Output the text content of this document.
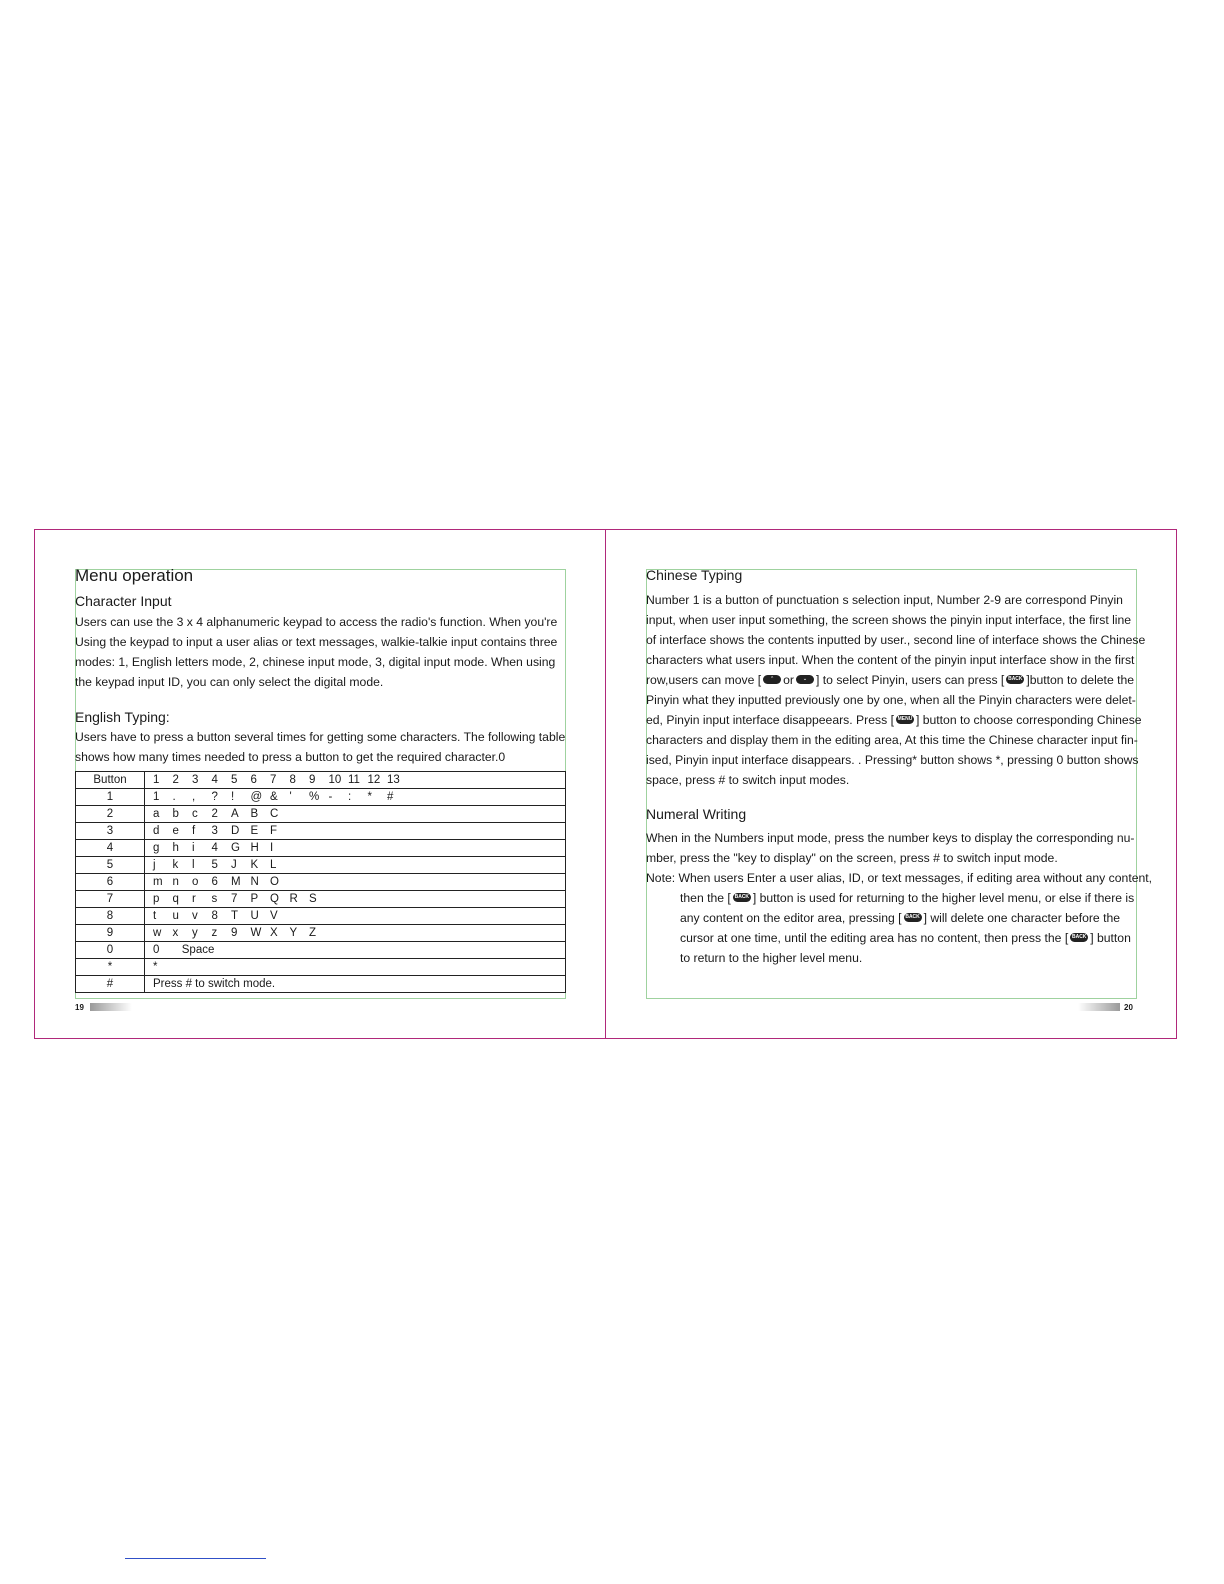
Menu operation
Character Input
Users can use the 3 x 4 alphanumeric keypad to access the radio's function. When you're
Using the keypad to input a user alias or text messages, walkie-talkie input contains three
modes: 1, English letters mode, 2, chinese input mode, 3, digital input mode. When using
the keypad input ID, you can only select the digital mode.
English Typing:
Users have to press a button several times for getting some characters. The following table
shows how many times needed to press a button to get the required character.0
Button	1 2 3 4 5 6 7 8 9 10 11 12 13
1	1 . , ? ! @ & ' % - : * #
2	a b c 2 A B C
3	d e f 3 D E F
4	g h i 4 G H I
5	j k l 5 J K L
6	m n o 6 M N O
7	p q r s 7 P Q R S
8	t u v 8 T U V
9	w x y z 9 W X Y Z
0	0       Space
*	*
#	Press # to switch mode.
19
Chinese Typing
Number 1 is a button of punctuation s selection input, Number 2-9 are correspond Pinyin
input, when user input something, the screen shows the pinyin input interface, the first line
of interface shows the contents inputted by user., second line of interface shows the Chinese
characters what users input. When the content of the pinyin input interface show in the first
row,users can move [ ⌃ or ⌄ ] to select Pinyin, users can press [ BACK ]button to delete the
Pinyin what they inputted previously one by one, when all the Pinyin characters were delet-
ed, Pinyin input interface disappeears. Press [ MENU ] button to choose corresponding Chinese
characters and display them in the editing area, At this time the Chinese character input fin-
ised, Pinyin input interface disappears. . Pressing* button shows *, pressing 0 button shows
space, press # to switch input modes.
Numeral Writing
When in the Numbers input mode, press the number keys to display the corresponding nu-
mber, press the "key to display" on the screen, press # to switch input mode.
Note: When users Enter a user alias, ID, or text messages, if editing area without any content,
then the [ BACK ] button is used for returning to the higher level menu, or else if there is
any content on the editor area, pressing [ BACK ] will delete one character before the
cursor at one time, until the editing area has no content, then press the [ BACK ] button
to return to the higher level menu.
20
